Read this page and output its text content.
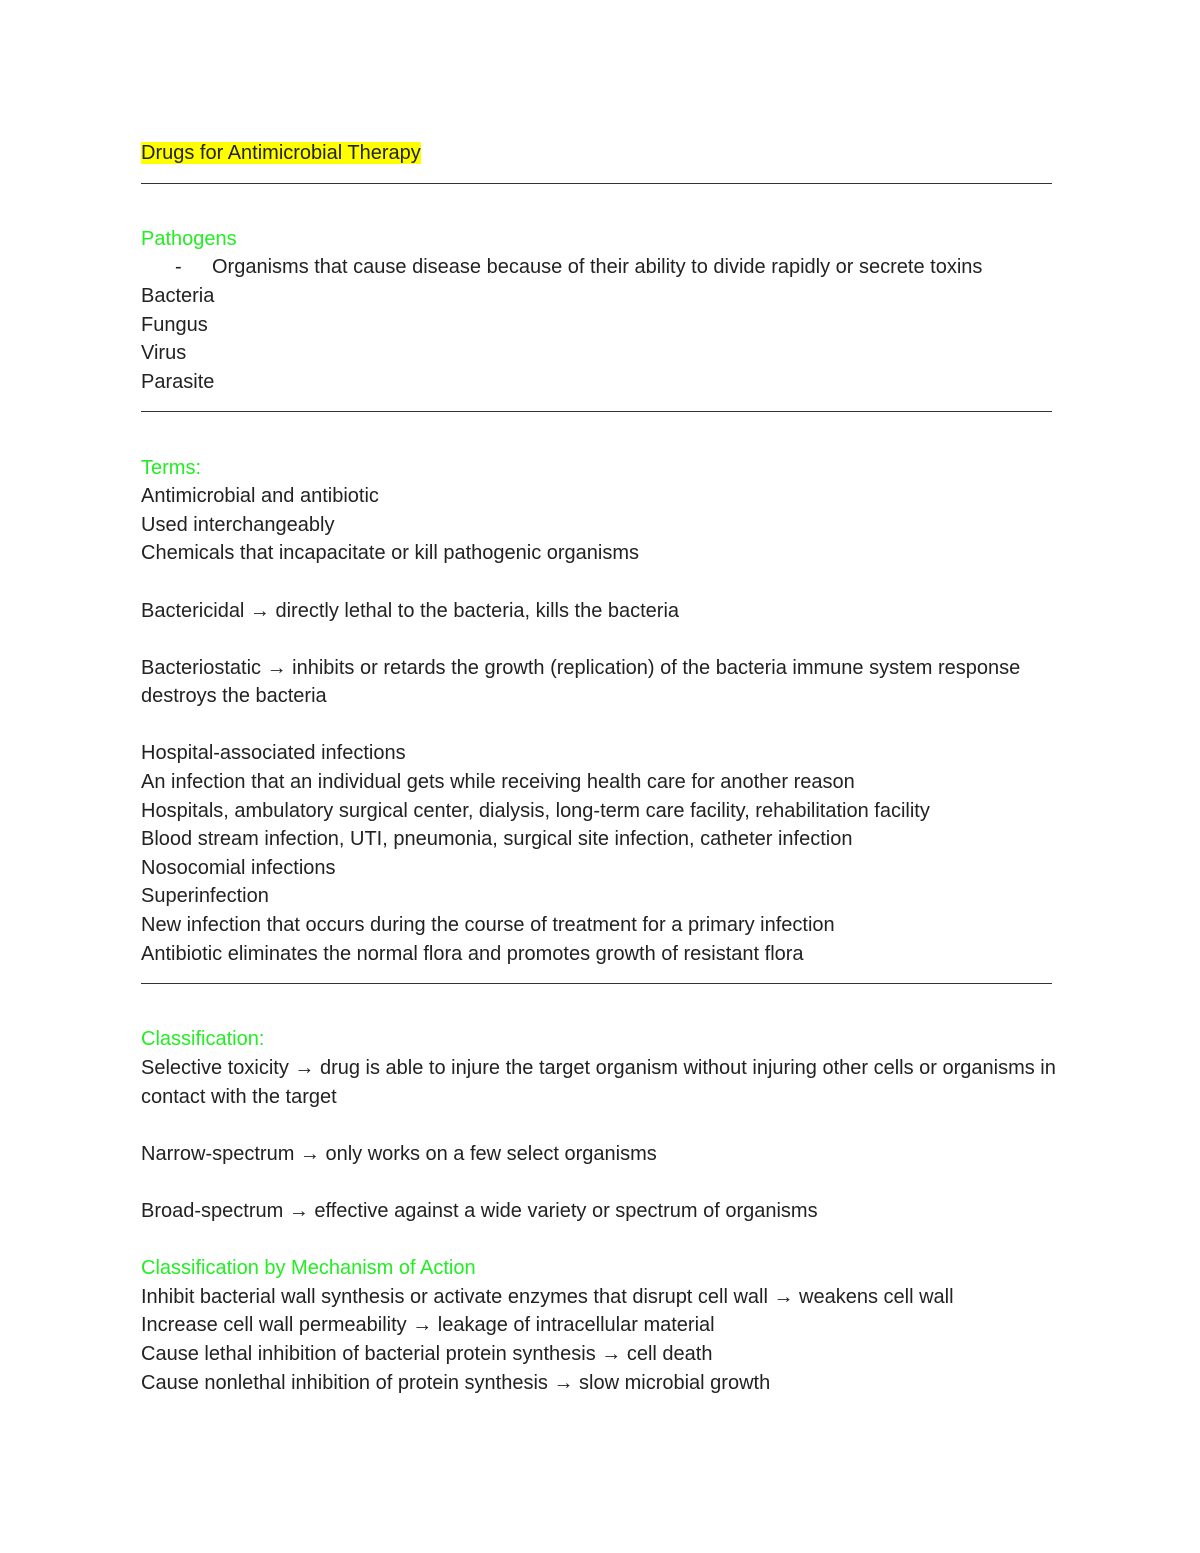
Drugs for Antimicrobial Therapy
Pathogens
- Organisms that cause disease because of their ability to divide rapidly or secrete toxins
Bacteria
Fungus
Virus
Parasite
Terms:
Antimicrobial and antibiotic
Used interchangeably
Chemicals that incapacitate or kill pathogenic organisms
Bactericidal → directly lethal to the bacteria, kills the bacteria
Bacteriostatic → inhibits or retards the growth (replication) of the bacteria immune system response destroys the bacteria
Hospital-associated infections
An infection that an individual gets while receiving health care for another reason
Hospitals, ambulatory surgical center, dialysis, long-term care facility, rehabilitation facility
Blood stream infection, UTI, pneumonia, surgical site infection, catheter infection
Nosocomial infections
Superinfection
New infection that occurs during the course of treatment for a primary infection
Antibiotic eliminates the normal flora and promotes growth of resistant flora
Classification:
Selective toxicity → drug is able to injure the target organism without injuring other cells or organisms in contact with the target
Narrow-spectrum → only works on a few select organisms
Broad-spectrum → effective against a wide variety or spectrum of organisms
Classification by Mechanism of Action
Inhibit bacterial wall synthesis or activate enzymes that disrupt cell wall → weakens cell wall
Increase cell wall permeability → leakage of intracellular material
Cause lethal inhibition of bacterial protein synthesis → cell death
Cause nonlethal inhibition of protein synthesis → slow microbial growth
